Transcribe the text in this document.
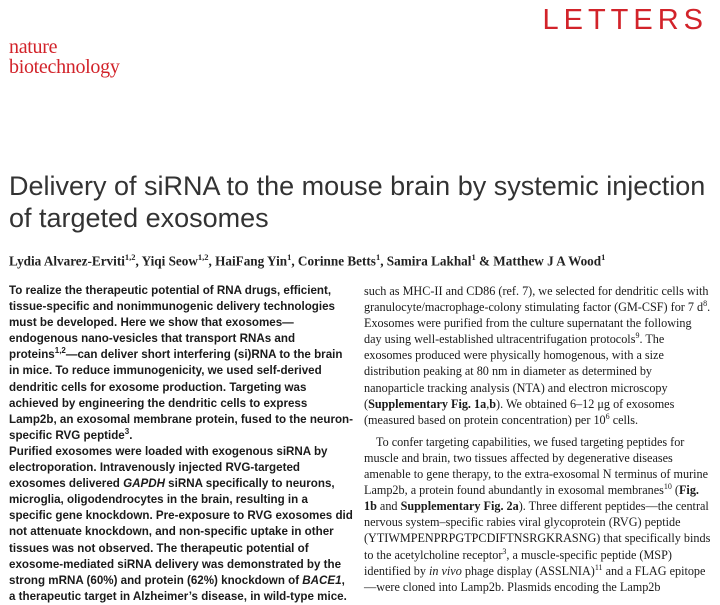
LETTERS
nature
biotechnology
Delivery of siRNA to the mouse brain by systemic injection of targeted exosomes
Lydia Alvarez-Erviti$^{1,2}$, Yiqi Seow$^{1,2}$, HaiFang Yin$^1$, Corinne Betts$^1$, Samira Lakhal$^1$ & Matthew J A Wood$^1$

To realize the therapeutic potential of RNA drugs, efficient, tissue-specific and nonimmunogenic delivery technologies must be developed. Here we show that exosomes—endogenous nano-vesicles that transport RNAs and proteins$^{1,2}$—can deliver short interfering (si)RNA to the brain in mice. To reduce immunogenicity, we used self-derived dendritic cells for exosome production. Targeting was achieved by engineering the dendritic cells to express Lamp2b, an exosomal membrane protein, fused to the neuron-specific RVG peptide$^3$.

Purified exosomes were loaded with exogenous siRNA by electroporation. Intravenously injected RVG-targeted exosomes delivered GAPDH siRNA specifically to neurons, microglia, oligodendrocytes in the brain, resulting in a specific gene knockdown. Pre-exposure to RVG exosomes did not attenuate knockdown, and non-specific uptake in other tissues was not observed. The therapeutic potential of exosome-mediated siRNA delivery was demonstrated by the strong mRNA (60%) and protein (62%) knockdown of BACE1, a therapeutic target in Alzheimer’s disease, in wild-type mice.

such as MHC-II and CD86 (ref. 7), we selected for dendritic cells with granulocyte/macrophage-colony stimulating factor (GM-CSF) for 7 $d^8$. Exosomes were purified from the culture supernatant the following day using well-established ultracentrifugation protocols$^9$. The exosomes produced were physically homogenous, with a size distribution peaking at 80 nm in diameter as determined by nanoparticle tracking analysis (NTA) and electron microscopy (Supplementary Fig. 1a,b). We obtained 6–12 μg of exosomes (measured based on protein concentration) per $10^6$ cells.

To confer targeting capabilities, we fused targeting peptides for muscle and brain, two tissues affected by degenerative diseases amenable to gene therapy, to the extra-exosomal N terminus of murine Lamp2b, a protein found abundantly in exosomal membranes$^{10}$ (Fig. 1b and Supplementary Fig. 2a). Three different peptides—the central nervous system–specific rabies viral glycoprotein (RVG) peptide (YTIWMPENPRPGTPCDIFTNSRGKRASNG) that specifically binds to the acetylcholine receptor$^3$, a muscle-specific peptide (MSP) identified by in vivo phage display (ASSLNIA)$^{11}$ and a FLAG epitope—were cloned into Lamp2b. Plasmids encoding the Lamp2b
